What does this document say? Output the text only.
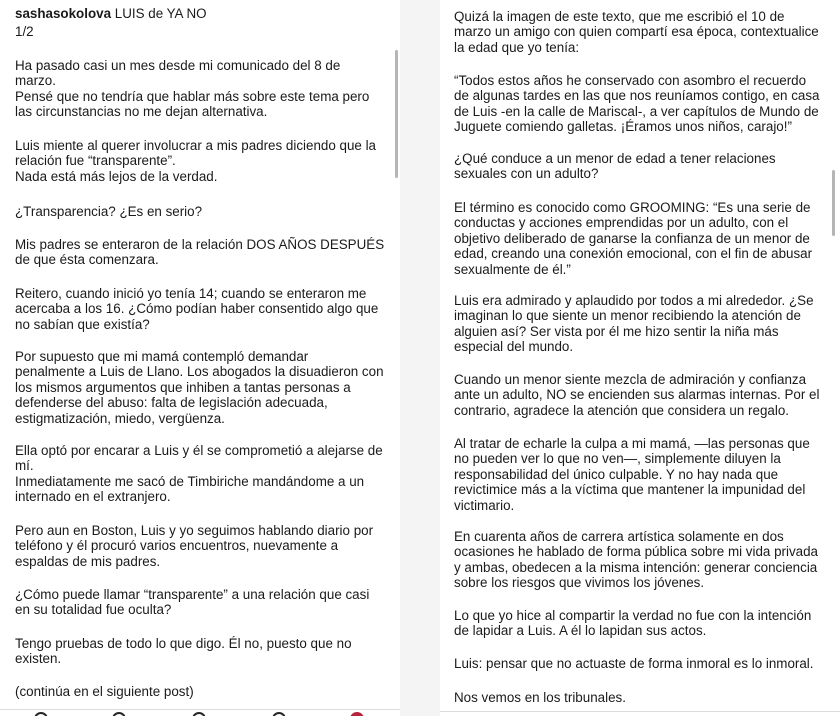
sashasokolova LUIS de YA NO
1/2
Ha pasado casi un mes desde mi comunicado del 8 de
marzo.
Pensé que no tendría que hablar más sobre este tema pero
las circunstancias no me dejan alternativa.
Luis miente al querer involucrar a mis padres diciendo que la
relación fue “transparente”.
Nada está más lejos de la verdad.
¿Transparencia? ¿Es en serio?
Mis padres se enteraron de la relación DOS AÑOS DESPUÉS
de que ésta comenzara.
Reitero, cuando inició yo tenía 14; cuando se enteraron me
acercaba a los 16. ¿Cómo podían haber consentido algo que
no sabían que existía?
Por supuesto que mi mamá contempló demandar
penalmente a Luis de Llano. Los abogados la disuadieron con
los mismos argumentos que inhiben a tantas personas a
defenderse del abuso: falta de legislación adecuada,
estigmatización, miedo, vergüenza.
Ella optó por encarar a Luis y él se comprometió a alejarse de
mí.
Inmediatamente me sacó de Timbiriche mandándome a un
internado en el extranjero.
Pero aun en Boston, Luis y yo seguimos hablando diario por
teléfono y él procuró varios encuentros, nuevamente a
espaldas de mis padres.
¿Cómo puede llamar “transparente” a una relación que casi
en su totalidad fue oculta?
Tengo pruebas de todo lo que digo. Él no, puesto que no
existen.
(continúa en el siguiente post)
Quizá la imagen de este texto, que me escribió el 10 de
marzo un amigo con quien compartí esa época, contextualice
la edad que yo tenía:
“Todos estos años he conservado con asombro el recuerdo
de algunas tardes en las que nos reuníamos contigo, en casa
de Luis -en la calle de Mariscal-, a ver capítulos de Mundo de
Juguete comiendo galletas. ¡Éramos unos niños, carajo!”
¿Qué conduce a un menor de edad a tener relaciones
sexuales con un adulto?
El término es conocido como GROOMING: “Es una serie de
conductas y acciones emprendidas por un adulto, con el
objetivo deliberado de ganarse la confianza de un menor de
edad, creando una conexión emocional, con el fin de abusar
sexualmente de él.”
Luis era admirado y aplaudido por todos a mi alrededor. ¿Se
imaginan lo que siente un menor recibiendo la atención de
alguien así? Ser vista por él me hizo sentir la niña más
especial del mundo.
Cuando un menor siente mezcla de admiración y confianza
ante un adulto, NO se encienden sus alarmas internas. Por el
contrario, agradece la atención que considera un regalo.
Al tratar de echarle la culpa a mi mamá, —las personas que
no pueden ver lo que no ven—, simplemente diluyen la
responsabilidad del único culpable. Y no hay nada que
revictimice más a la víctima que mantener la impunidad del
victimario.
En cuarenta años de carrera artística solamente en dos
ocasiones he hablado de forma pública sobre mi vida privada
y ambas, obedecen a la misma intención: generar conciencia
sobre los riesgos que vivimos los jóvenes.
Lo que yo hice al compartir la verdad no fue con la intención
de lapidar a Luis. A él lo lapidan sus actos.
Luis: pensar que no actuaste de forma inmoral es lo inmoral.
Nos vemos en los tribunales.
